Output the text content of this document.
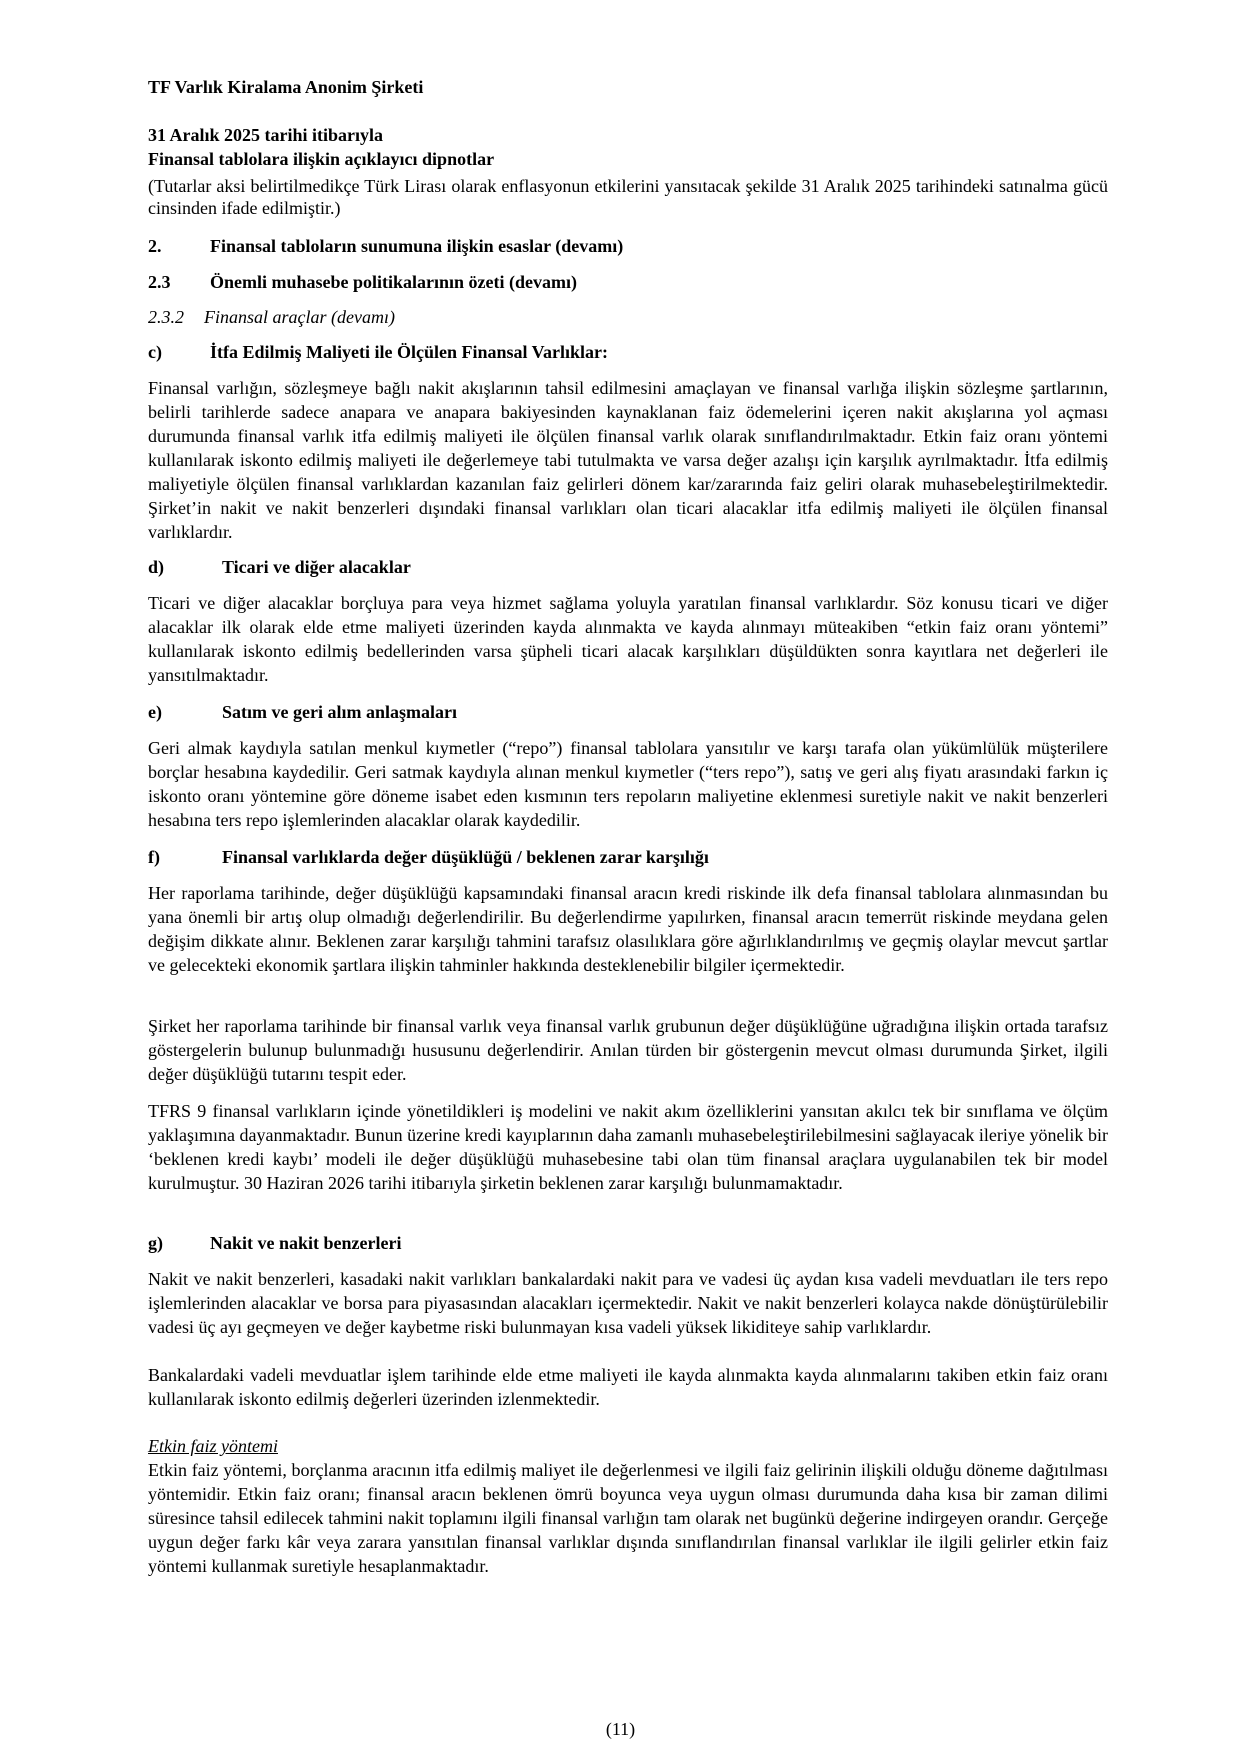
TF Varlık Kiralama Anonim Şirketi
31 Aralık 2025 tarihi itibarıyla
Finansal tablolara ilişkin açıklayıcı dipnotlar
(Tutarlar aksi belirtilmedikçe Türk Lirası olarak enflasyonun etkilerini yansıtacak şekilde 31 Aralık 2025 tarihindeki satınalma gücü cinsinden ifade edilmiştir.)
2.	Finansal tabloların sunumuna ilişkin esaslar (devamı)
2.3 Önemli muhasebe politikalarının özeti (devamı)
2.3.2 Finansal araçlar (devamı)
c)	İtfa Edilmiş Maliyeti ile Ölçülen Finansal Varlıklar:
Finansal varlığın, sözleşmeye bağlı nakit akışlarının tahsil edilmesini amaçlayan ve finansal varlığa ilişkin sözleşme şartlarının, belirli tarihlerde sadece anapara ve anapara bakiyesinden kaynaklanan faiz ödemelerini içeren nakit akışlarına yol açması durumunda finansal varlık itfa edilmiş maliyeti ile ölçülen finansal varlık olarak sınıflandırılmaktadır. Etkin faiz oranı yöntemi kullanılarak iskonto edilmiş maliyeti ile değerlemeye tabi tutulmakta ve varsa değer azalışı için karşılık ayrılmaktadır. İtfa edilmiş maliyetiyle ölçülen finansal varlıklardan kazanılan faiz gelirleri dönem kar/zararında faiz geliri olarak muhasebeleştirilmektedir. Şirket’in nakit ve nakit benzerleri dışındaki finansal varlıkları olan ticari alacaklar itfa edilmiş maliyeti ile ölçülen finansal varlıklardır.
d)	Ticari ve diğer alacaklar
Ticari ve diğer alacaklar borçluya para veya hizmet sağlama yoluyla yaratılan finansal varlıklardır. Söz konusu ticari ve diğer alacaklar ilk olarak elde etme maliyeti üzerinden kayda alınmakta ve kayda alınmayı müteakiben “etkin faiz oranı yöntemi” kullanılarak iskonto edilmiş bedellerinden varsa şüpheli ticari alacak karşılıkları düşüldükten sonra kayıtlara net değerleri ile yansıtılmaktadır.
e)	Satım ve geri alım anlaşmaları
Geri almak kaydıyla satılan menkul kıymetler (“repo”) finansal tablolara yansıtılır ve karşı tarafa olan yükümlülük müşterilere borçlar hesabına kaydedilir. Geri satmak kaydıyla alınan menkul kıymetler (“ters repo”), satış ve geri alış fiyatı arasındaki farkın iç iskonto oranı yöntemine göre döneme isabet eden kısmının ters repoların maliyetine eklenmesi suretiyle nakit ve nakit benzerleri hesabına ters repo işlemlerinden alacaklar olarak kaydedilir.
f)	Finansal varlıklarda değer düşüklüğü / beklenen zarar karşılığı
Her raporlama tarihinde, değer düşüklüğü kapsamındaki finansal aracın kredi riskinde ilk defa finansal tablolara alınmasından bu yana önemli bir artış olup olmadığı değerlendirilir. Bu değerlendirme yapılırken, finansal aracın temerrüt riskinde meydana gelen değişim dikkate alınır. Beklenen zarar karşılığı tahmini tarafsız olasılıklara göre ağırlıklandırılmış ve geçmiş olaylar mevcut şartlar ve gelecekteki ekonomik şartlara ilişkin tahminler hakkında desteklenebilir bilgiler içermektedir.
Şirket her raporlama tarihinde bir finansal varlık veya finansal varlık grubunun değer düşüklüğüne uğradığına ilişkin ortada tarafsız göstergelerin bulunup bulunmadığı hususunu değerlendirir. Anılan türden bir göstergenin mevcut olması durumunda Şirket, ilgili değer düşüklüğü tutarını tespit eder.
TFRS 9 finansal varlıkların içinde yönetildikleri iş modelini ve nakit akım özelliklerini yansıtan akılcı tek bir sınıflama ve ölçüm yaklaşımına dayanmaktadır. Bunun üzerine kredi kayıplarının daha zamanlı muhasebeleştirilebilmesini sağlayacak ileriye yönelik bir ‘beklenen kredi kaybı’ modeli ile değer düşüklüğü muhasebesine tabi olan tüm finansal araçlara uygulanabilen tek bir model kurulmuştur. 30 Haziran 2026 tarihi itibarıyla şirketin beklenen zarar karşılığı bulunmamaktadır.
g)	Nakit ve nakit benzerleri
Nakit ve nakit benzerleri, kasadaki nakit varlıkları bankalardaki nakit para ve vadesi üç aydan kısa vadeli mevduatları ile ters repo işlemlerinden alacaklar ve borsa para piyasasından alacakları içermektedir. Nakit ve nakit benzerleri kolayca nakde dönüştürülebilir vadesi üç ayı geçmeyen ve değer kaybetme riski bulunmayan kısa vadeli yüksek likiditeye sahip varlıklardır.
Bankalardaki vadeli mevduatlar işlem tarihinde elde etme maliyeti ile kayda alınmakta kayda alınmalarını takiben etkin faiz oranı kullanılarak iskonto edilmiş değerleri üzerinden izlenmektedir.
Etkin faiz yöntemi
Etkin faiz yöntemi, borçlanma aracının itfa edilmiş maliyet ile değerlenmesi ve ilgili faiz gelirinin ilişkili olduğu döneme dağıtılması yöntemidir. Etkin faiz oranı; finansal aracın beklenen ömrü boyunca veya uygun olması durumunda daha kısa bir zaman dilimi süresince tahsil edilecek tahmini nakit toplamını ilgili finansal varlığın tam olarak net bugünkü değerine indirgeyen orandır. Gerçeğe uygun değer farkı kâr veya zarara yansıtılan finansal varlıklar dışında sınıflandırılan finansal varlıklar ile ilgili gelirler etkin faiz yöntemi kullanmak suretiyle hesaplanmaktadır.
(11)
